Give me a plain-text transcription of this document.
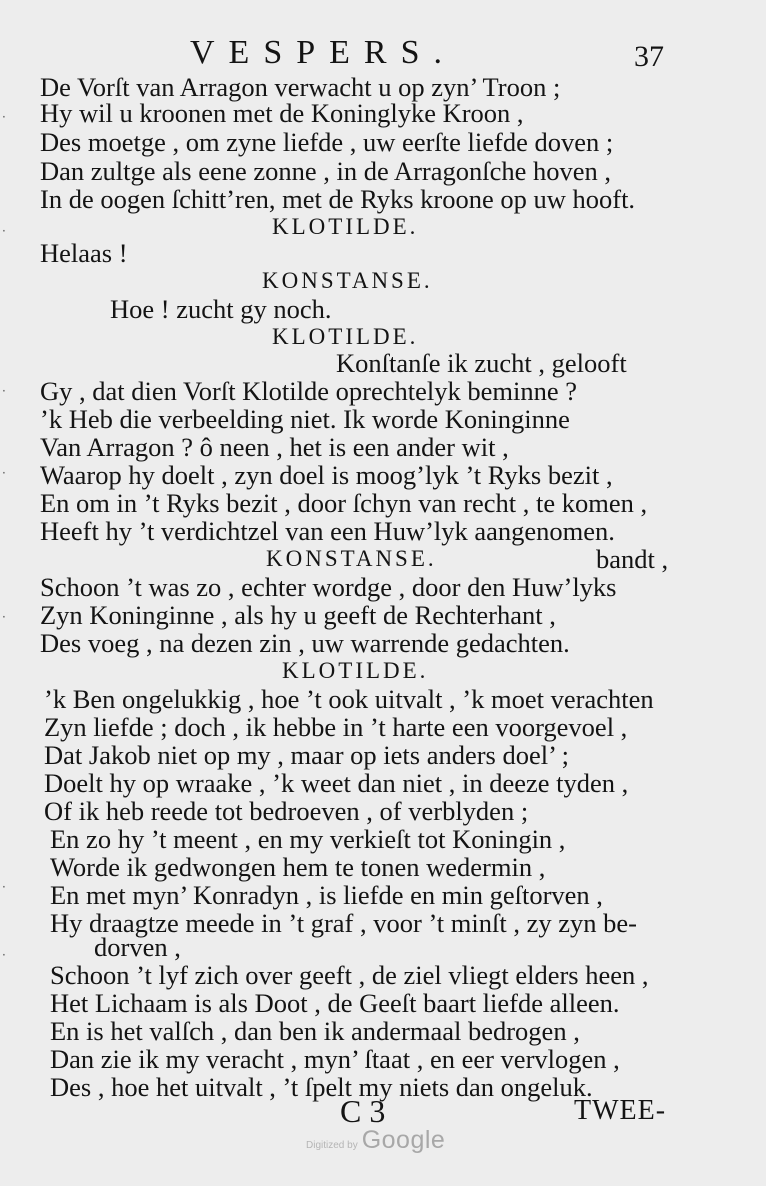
VESPERS.	37
De Vorſt van Arragon verwacht u op zyn’ Troon ;
Hy wil u kroonen met de Koninglyke Kroon ,
Des moetge , om zyne liefde , uw eerſte liefde doven ;
Dan zultge als eene zonne , in de Arragonſche hoven ,
In de oogen ſchitt’ren, met de Ryks kroone op uw hooft.
KLOTILDE.
Helaas !
KONSTANSE.
Hoe ! zucht gy noch.
KLOTILDE.
Konſtanſe ik zucht , gelooft
Gy , dat dien Vorſt Klotilde oprechtelyk beminne ?
’k Heb die verbeelding niet. Ik worde Koninginne
Van Arragon ? ô neen , het is een ander wit ,
Waarop hy doelt , zyn doel is moog’lyk ’t Ryks bezit ,
En om in ’t Ryks bezit , door ſchyn van recht , te komen ,
Heeft hy ’t verdichtzel van een Huw’lyk aangenomen.
KONSTANSE.	bandt ,
Schoon ’t was zo , echter wordge , door den Huw’lyks
Zyn Koninginne , als hy u geeft de Rechterhant ,
Des voeg , na dezen zin , uw warrende gedachten.
KLOTILDE.
’k Ben ongelukkig , hoe ’t ook uitvalt , ’k moet verachten
Zyn liefde ; doch , ik hebbe in ’t harte een voorgevoel ,
Dat Jakob niet op my , maar op iets anders doel’ ;
Doelt hy op wraake , ’k weet dan niet , in deeze tyden ,
Of ik heb reede tot bedroeven , of verblyden ;
En zo hy ’t meent , en my verkieſt tot Koningin ,
Worde ik gedwongen hem te tonen wedermin ,
En met myn’ Konradyn , is liefde en min geſtorven ,
Hy draagtze meede in ’t graf , voor ’t minſt , zy zyn be-
dorven ,
Schoon ’t lyf zich over geeft , de ziel vliegt elders heen ,
Het Lichaam is als Doot , de Geeſt baart liefde alleen.
En is het valſch , dan ben ik andermaal bedrogen ,
Dan zie ik my veracht , myn’ ſtaat , en eer vervlogen ,
Des , hoe het uitvalt , ’t ſpelt my niets dan ongeluk.
C 3	TWEE-
Digitized by Google
·
·
·
·
·
·
·
